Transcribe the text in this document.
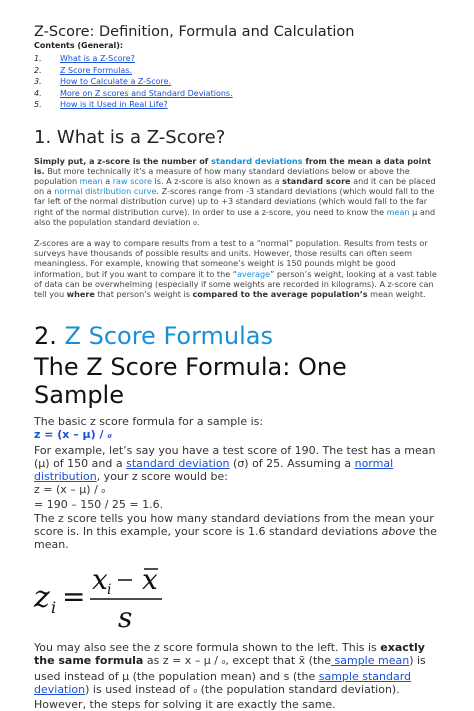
Z-Score: Definition, Formula and Calculation
Contents (General):
1.	What is a Z-Score?
2.	Z Score Formulas.
3.	How to Calculate a Z-Score.
4.	More on Z scores and Standard Deviations.
5.	How is it Used in Real Life?
1. What is a Z-Score?

Simply put, a z-score is the number of standard deviations from the mean a data point is. But more technically it’s a measure of how many standard deviations below or above the population mean a raw score is. A z-score is also known as a standard score and it can be placed on a normal distribution curve. Z-scores range from -3 standard deviations (which would fall to the far left of the normal distribution curve) up to +3 standard deviations (which would fall to the far right of the normal distribution curve). In order to use a z-score, you need to know the mean μ and also the population standard deviation σ.

Z-scores are a way to compare results from a test to a “normal” population. Results from tests or surveys have thousands of possible results and units. However, those results can often seem meaningless. For example, knowing that someone’s weight is 150 pounds might be good information, but if you want to compare it to the “average” person’s weight, looking at a vast table of data can be overwhelming (especially if some weights are recorded in kilograms). A z-score can tell you where that person’s weight is compared to the average population’s mean weight.

2. Z Score Formulas
The Z Score Formula: One Sample

The basic z score formula for a sample is:

z = (x – μ) / σ

For example, let’s say you have a test score of 190. The test has a mean (μ) of 150 and a standard deviation (σ) of 25. Assuming a normal distribution, your z score would be:

z = (x – μ) / σ

= 190 – 150 / 25 = 1.6.

The z score tells you how many standard deviations from the mean your score is. In this example, your score is 1.6 standard deviations above the mean.

z i =
x i x
s

You may also see the z score formula shown to the left. This is exactly the same formula as z = x – μ / σ, except that x̄ (the sample mean) is used instead of μ (the population mean) and s (the sample standard deviation) is used instead of σ (the population standard deviation). However, the steps for solving it are exactly the same.
